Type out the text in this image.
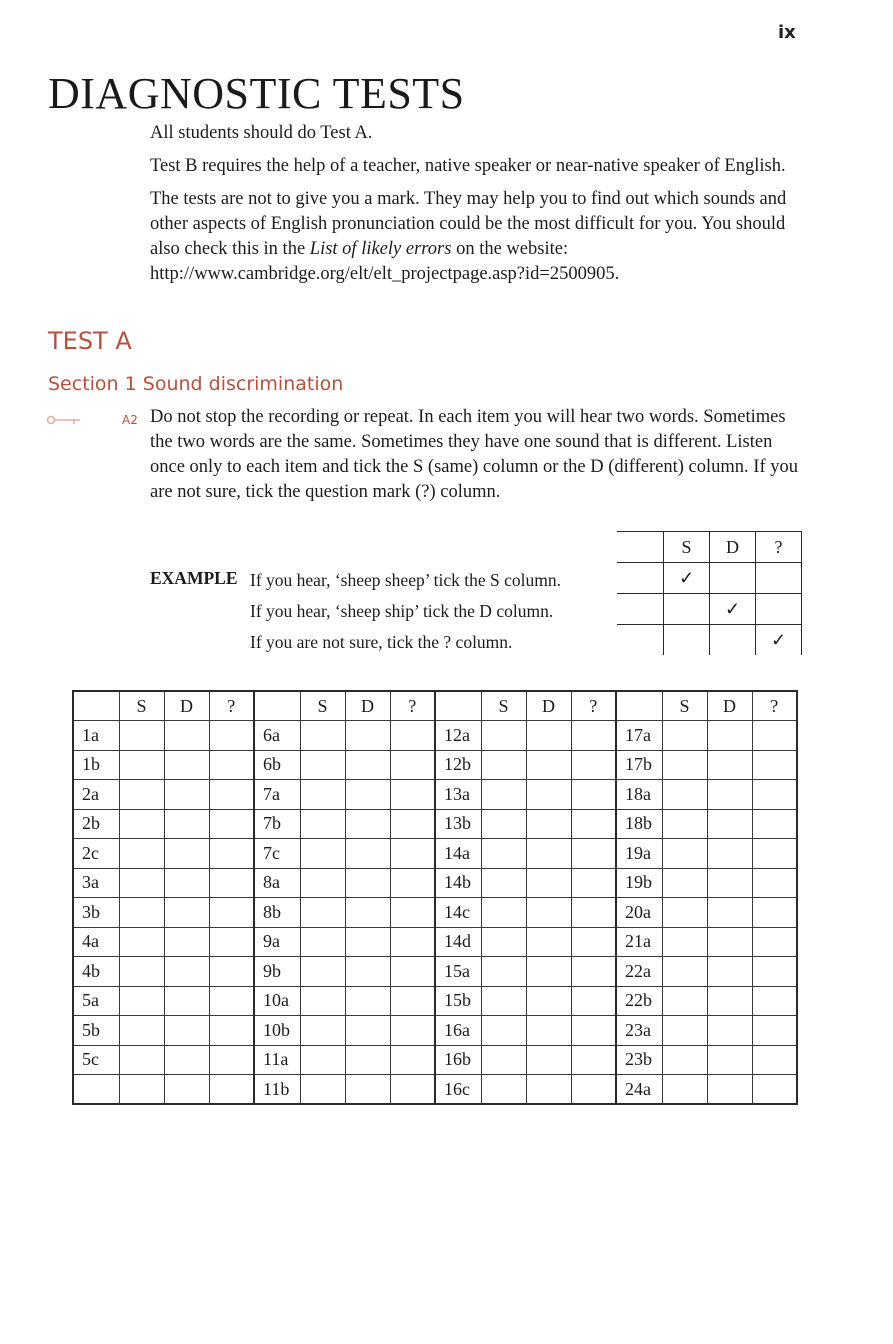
ix
DIAGNOSTIC TESTS

All students should do Test A.

Test B requires the help of a teacher, native speaker or near-native speaker of English.

The tests are not to give you a mark. They may help you to find out which sounds and other aspects of English pronunciation could be the most difficult for you. You should also check this in the List of likely errors on the website: http://www.cambridge.org/elt/elt_projectpage.asp?id=2500905.

TEST A
Section 1 Sound discrimination
A2 Do not stop the recording or repeat. In each item you will hear two words. Sometimes the two words are the same. Sometimes they have one sound that is different. Listen once only to each item and tick the S (same) column or the D (different) column. If you are not sure, tick the question mark (?) column.
EXAMPLE If you hear, ‘sheep sheep’ tick the S column.
If you hear, ‘sheep ship’ tick the D column.
If you are not sure, tick the ? column.
	S	D	?
	✓		
		✓	
			✓
	S	D	?		S	D	?		S	D	?		S	D	?
1a				6a				12a				17a			
1b				6b				12b				17b			
2a				7a				13a				18a			
2b				7b				13b				18b			
2c				7c				14a				19a			
3a				8a				14b				19b			
3b				8b				14c				20a			
4a				9a				14d				21a			
4b				9b				15a				22a			
5a				10a				15b				22b			
5b				10b				16a				23a			
5c				11a				16b				23b			
				11b				16c				24a			
